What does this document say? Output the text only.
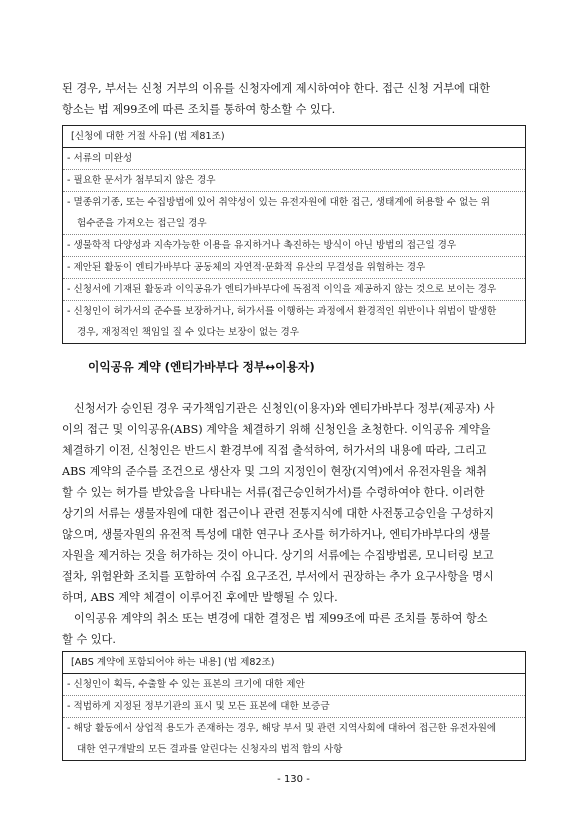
된 경우, 부서는 신청 거부의 이유를 신청자에게 제시하여야 한다. 접근 신청 거부에 대한
항소는 법 제99조에 따른 조치를 통하여 항소할 수 있다.
[신청에 대한 거절 사유] (법 제81조)
- 서류의 미완성
- 필요한 문서가 첨부되지 않은 경우
- 멸종위기종, 또는 수집방법에 있어 취약성이 있는 유전자원에 대한 접근, 생태계에 허용할 수 없는 위
험수준을 가져오는 접근일 경우
- 생물학적 다양성과 지속가능한 이용을 유지하거나 촉진하는 방식이 아닌 방법의 접근일 경우
- 제안된 활동이 엔티가바부다 공동체의 자연적·문화적 유산의 무결성을 위협하는 경우
- 신청서에 기재된 활동과 이익공유가 엔티가바부다에 독점적 이익을 제공하지 않는 것으로 보이는 경우
- 신청인이 허가서의 준수를 보장하거나, 허가서를 이행하는 과정에서 환경적인 위반이나 위법이 발생한
경우, 재정적인 책임일 질 수 있다는 보장이 없는 경우
이익공유 계약 (엔티가바부다 정부↔이용자)
신청서가 승인된 경우 국가책임기관은 신청인(이용자)와 엔티가바부다 정부(제공자) 사
이의 접근 및 이익공유(ABS) 계약을 체결하기 위해 신청인을 초청한다. 이익공유 계약을
체결하기 이전, 신청인은 반드시 환경부에 직접 출석하여, 허가서의 내용에 따라, 그리고
ABS 계약의 준수를 조건으로 생산자 및 그의 지정인이 현장(지역)에서 유전자원을 채취
할 수 있는 허가를 받았음을 나타내는 서류(접근승인허가서)를 수령하여야 한다. 이러한
상기의 서류는 생물자원에 대한 접근이나 관련 전통지식에 대한 사전통고승인을 구성하지
않으며, 생물자원의 유전적 특성에 대한 연구나 조사를 허가하거나, 엔티가바부다의 생물
자원을 제거하는 것을 허가하는 것이 아니다. 상기의 서류에는 수집방법론, 모니터링 보고
절차, 위험완화 조치를 포함하여 수집 요구조건, 부서에서 권장하는 추가 요구사항을 명시
하며, ABS 계약 체결이 이루어진 후에만 발행될 수 있다.
이익공유 계약의 취소 또는 변경에 대한 결정은 법 제99조에 따른 조치를 통하여 항소
할 수 있다.
[ABS 계약에 포함되어야 하는 내용] (법 제82조)
- 신청인이 획득, 수출할 수 있는 표본의 크기에 대한 제안
- 적법하게 지정된 정부기관의 표시 및 모든 표본에 대한 보증금
- 해당 활동에서 상업적 용도가 존재하는 경우, 해당 부서 및 관련 지역사회에 대하여 접근한 유전자원에
대한 연구개발의 모든 결과를 알린다는 신청자의 법적 합의 사항
- 130 -
